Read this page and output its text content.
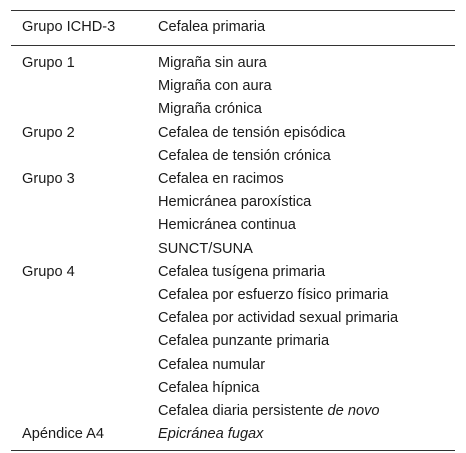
Grupo ICHD-3	Cefalea primaria
Grupo 1	Migraña sin aura
	Migraña con aura
	Migraña crónica
Grupo 2	Cefalea de tensión episódica
	Cefalea de tensión crónica
Grupo 3	Cefalea en racimos
	Hemicránea paroxística
	Hemicránea continua
	SUNCT/SUNA
Grupo 4	Cefalea tusígena primaria
	Cefalea por esfuerzo físico primaria
	Cefalea por actividad sexual primaria
	Cefalea punzante primaria
	Cefalea numular
	Cefalea hípnica
	Cefalea diaria persistente de novo
Apéndice A4	Epicránea fugax
